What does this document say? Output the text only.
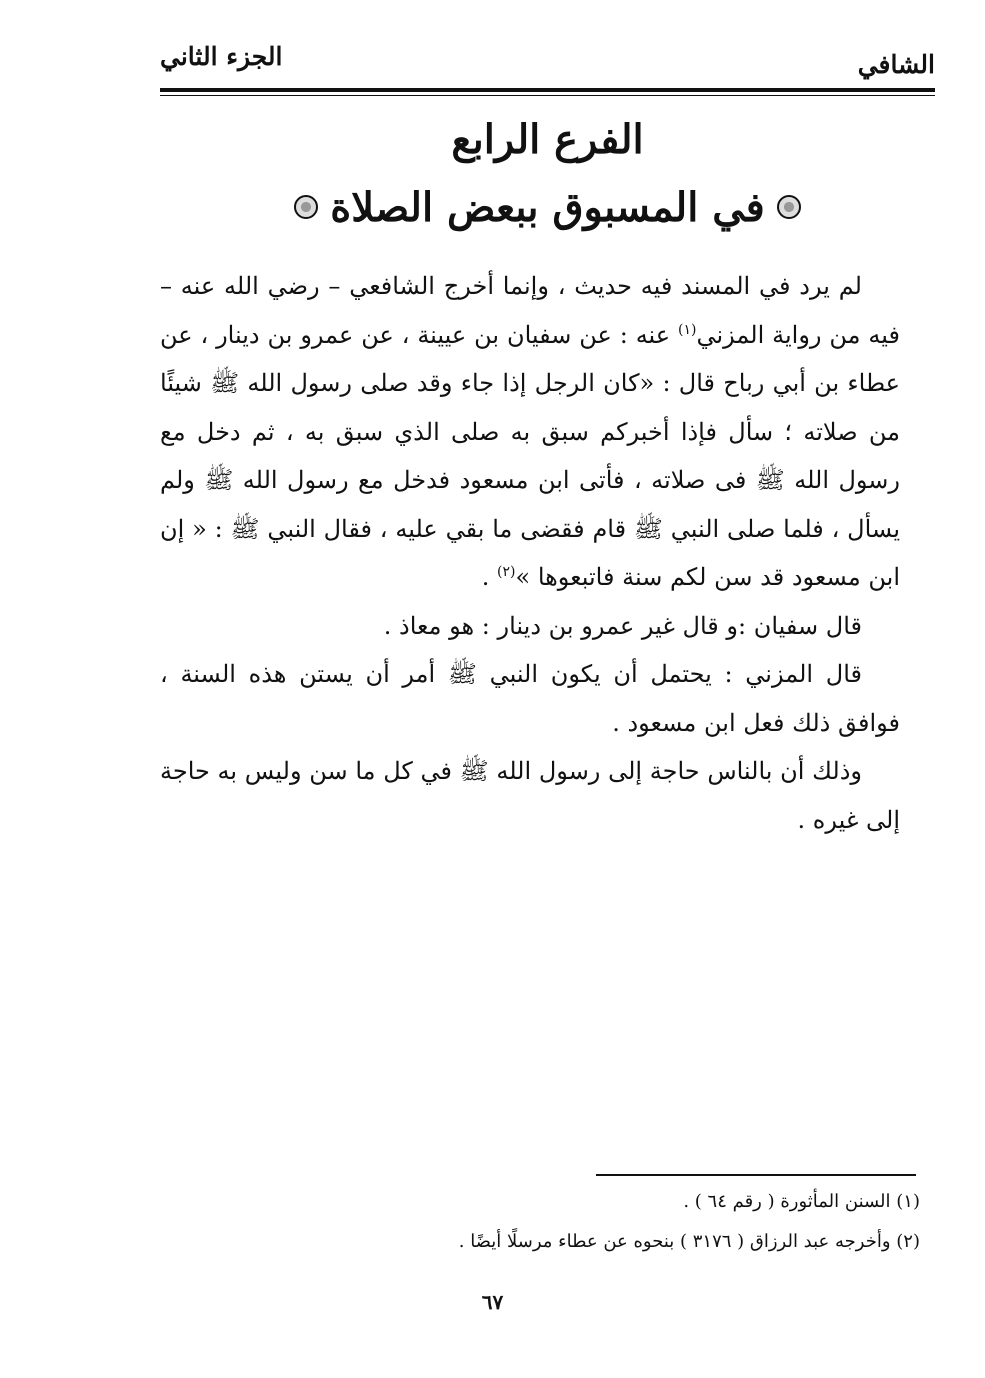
الشافي
الجزء الثاني
الفرع الرابع
في المسبوق ببعض الصلاة

لم يرد في المسند فيه حديث ، وإنما أخرج الشافعي – رضي الله عنه – فيه من رواية المزني$^{(١)}$ عنه : عن سفيان بن عيينة ، عن عمرو بن دينار ، عن عطاء بن أبي رباح قال : «كان الرجل إذا جاء وقد صلى رسول الله ﷺ شيئًا من صلاته ؛ سأل فإذا أخبركم سبق به صلى الذي سبق به ، ثم دخل مع رسول الله ﷺ فى صلاته ، فأتى ابن مسعود فدخل مع رسول الله ﷺ ولم يسأل ، فلما صلى النبي ﷺ قام فقضى ما بقي عليه ، فقال النبي ﷺ : « إن ابن مسعود قد سن لكم سنة فاتبعوها »$^{(٢)}$ .

قال سفيان :و قال غير عمرو بن دينار : هو معاذ .

قال المزني : يحتمل أن يكون النبي ﷺ أمر أن يستن هذه السنة ، فوافق ذلك فعل ابن مسعود .

وذلك أن بالناس حاجة إلى رسول الله ﷺ في كل ما سن وليس به حاجة إلى غيره .

(١) السنن المأثورة ( رقم ٦٤ ) .
(٢) وأخرجه عبد الرزاق ( ٣١٧٦ ) بنحوه عن عطاء مرسلًا أيضًا .
٦٧
